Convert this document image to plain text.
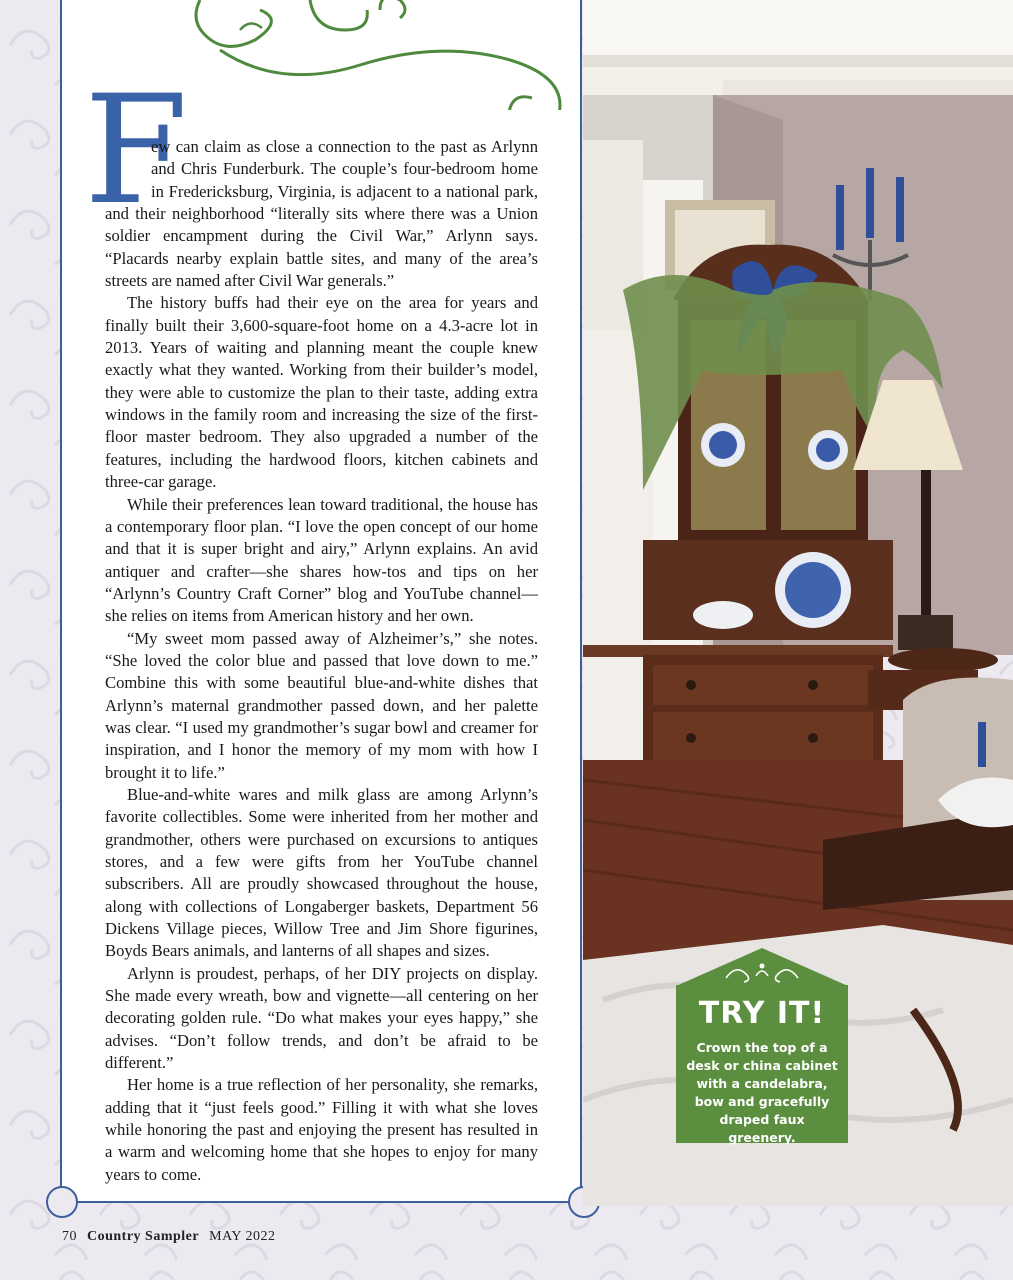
F

ew can claim as close a connection to the past as Arlynn and Chris Funderburk. The couple’s four-bedroom home in Fredericksburg, Virginia, is adjacent to a national park, and their neighborhood “literally sits where there was a Union soldier encampment during the Civil War,” Arlynn says. “Placards nearby explain battle sites, and many of the area’s streets are named after Civil War generals.”

The history buffs had their eye on the area for years and finally built their 3,600-square-foot home on a 4.3-acre lot in 2013. Years of waiting and planning meant the couple knew exactly what they wanted. Working from their builder’s model, they were able to customize the plan to their taste, adding extra windows in the family room and increasing the size of the first-floor master bedroom. They also upgraded a number of the features, including the hardwood floors, kitchen cabinets and three-car garage.

While their preferences lean toward traditional, the house has a contemporary floor plan. “I love the open concept of our home and that it is super bright and airy,” Arlynn explains. An avid antiquer and crafter—she shares how-tos and tips on her “Arlynn’s Country Craft Corner” blog and YouTube channel—she relies on items from American history and her own.

“My sweet mom passed away of Alzheimer’s,” she notes. “She loved the color blue and passed that love down to me.” Combine this with some beautiful blue-and-white dishes that Arlynn’s maternal grandmother passed down, and her palette was clear. “I used my grandmother’s sugar bowl and creamer for inspiration, and I honor the memory of my mom with how I brought it to life.”

Blue-and-white wares and milk glass are among Arlynn’s favorite collectibles. Some were inherited from her mother and grandmother, others were purchased on excursions to antiques stores, and a few were gifts from her YouTube channel subscribers. All are proudly showcased throughout the house, along with collections of Longaberger baskets, Department 56 Dickens Village pieces, Willow Tree and Jim Shore figurines, Boyds Bears animals, and lanterns of all shapes and sizes.

Arlynn is proudest, perhaps, of her DIY projects on display. She made every wreath, bow and vignette—all centering on her decorating golden rule. “Do what makes your eyes happy,” she advises. “Don’t follow trends, and don’t be afraid to be different.”

Her home is a true reflection of her personality, she remarks, adding that it “just feels good.” Filling it with what she loves while honoring the past and enjoying the present has resulted in a warm and welcoming home that she hopes to enjoy for many years to come.

TRY IT!
Crown the top of a desk or china cabinet with a candelabra, bow and gracefully draped faux greenery.
70 Country Sampler MAY 2022
